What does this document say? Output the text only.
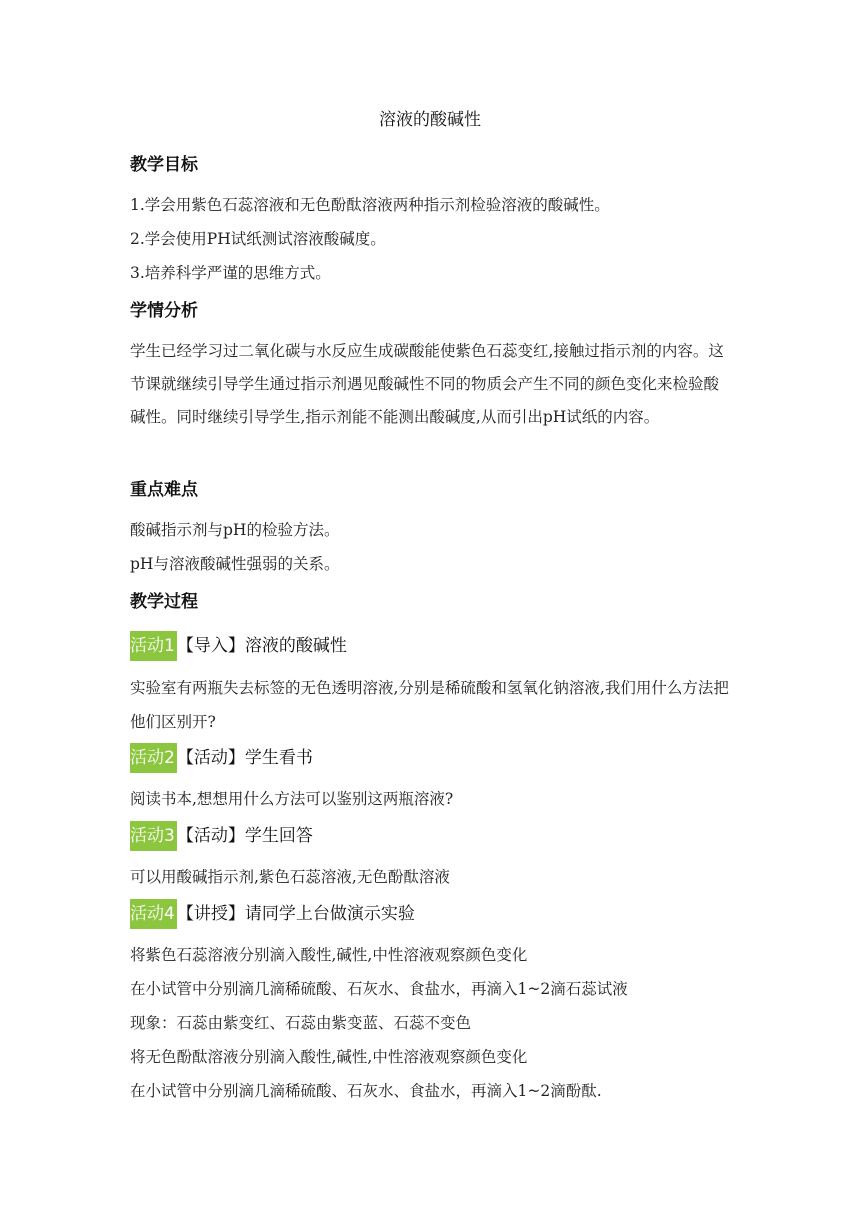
溶液的酸碱性
教学目标
1.学会用紫色石蕊溶液和无色酚酞溶液两种指示剂检验溶液的酸碱性。
2.学会使用PH试纸测试溶液酸碱度。
3.培养科学严谨的思维方式。
学情分析
学生已经学习过二氧化碳与水反应生成碳酸能使紫色石蕊变红,接触过指示剂的内容。这节课就继续引导学生通过指示剂遇见酸碱性不同的物质会产生不同的颜色变化来检验酸碱性。同时继续引导学生,指示剂能不能测出酸碱度,从而引出pH试纸的内容。
重点难点
酸碱指示剂与pH的检验方法。
pH与溶液酸碱性强弱的关系。
教学过程
活动1 【导入】溶液的酸碱性
实验室有两瓶失去标签的无色透明溶液,分别是稀硫酸和氢氧化钠溶液,我们用什么方法把他们区别开?
活动2 【活动】学生看书
阅读书本,想想用什么方法可以鉴别这两瓶溶液?
活动3 【活动】学生回答
可以用酸碱指示剂,紫色石蕊溶液,无色酚酞溶液
活动4 【讲授】请同学上台做演示实验
将紫色石蕊溶液分别滴入酸性,碱性,中性溶液观察颜色变化
在小试管中分别滴几滴稀硫酸、石灰水、食盐水，再滴入1~2滴石蕊试液
现象：石蕊由紫变红、石蕊由紫变蓝、石蕊不变色
将无色酚酞溶液分别滴入酸性,碱性,中性溶液观察颜色变化
在小试管中分别滴几滴稀硫酸、石灰水、食盐水，再滴入1~2滴酚酞.
